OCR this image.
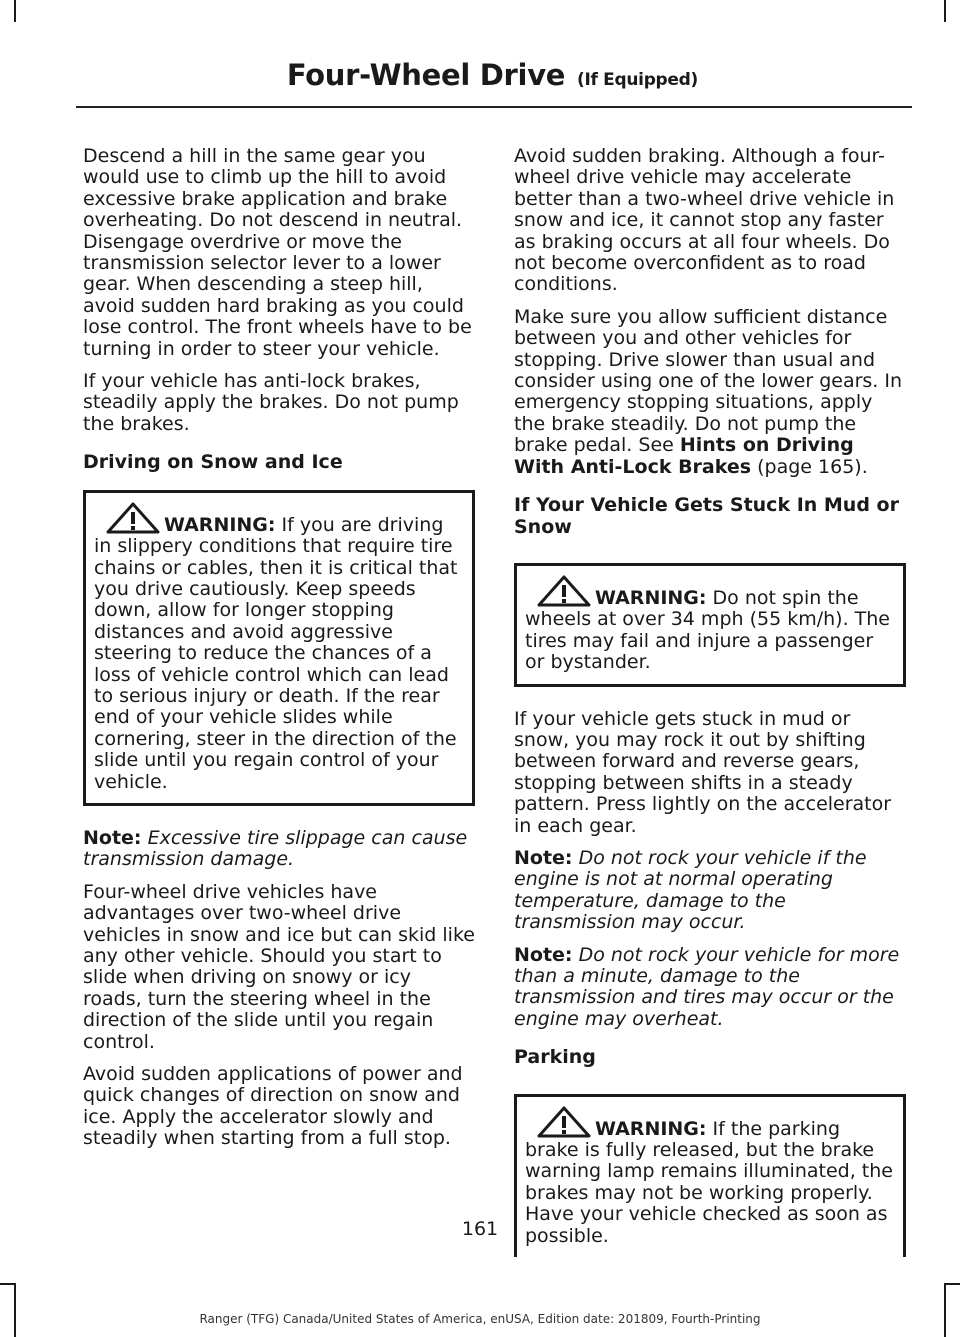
Four-Wheel Drive (If Equipped)

Descend a hill in the same gear you would use to climb up the hill to avoid excessive brake application and brake overheating. Do not descend in neutral. Disengage overdrive or move the transmission selector lever to a lower gear. When descending a steep hill, avoid sudden hard braking as you could lose control. The front wheels have to be turning in order to steer your vehicle.

If your vehicle has anti-lock brakes, steadily apply the brakes. Do not pump the brakes.

Driving on Snow and Ice
WARNING: If you are driving in slippery conditions that require tire chains or cables, then it is critical that you drive cautiously. Keep speeds down, allow for longer stopping distances and avoid aggressive steering to reduce the chances of a loss of vehicle control which can lead to serious injury or death. If the rear end of your vehicle slides while cornering, steer in the direction of the slide until you regain control of your vehicle.

Note: Excessive tire slippage can cause transmission damage.

Four-wheel drive vehicles have advantages over two-wheel drive vehicles in snow and ice but can skid like any other vehicle. Should you start to slide when driving on snowy or icy roads, turn the steering wheel in the direction of the slide until you regain control.

Avoid sudden applications of power and quick changes of direction on snow and ice. Apply the accelerator slowly and steadily when starting from a full stop.

Avoid sudden braking. Although a four-wheel drive vehicle may accelerate better than a two-wheel drive vehicle in snow and ice, it cannot stop any faster as braking occurs at all four wheels. Do not become overconfident as to road conditions.

Make sure you allow sufficient distance between you and other vehicles for stopping. Drive slower than usual and consider using one of the lower gears. In emergency stopping situations, apply the brake steadily. Do not pump the brake pedal. See Hints on Driving With Anti-Lock Brakes (page 165).

If Your Vehicle Gets Stuck In Mud or Snow
WARNING: Do not spin the wheels at over 34 mph (55 km/h). The tires may fail and injure a passenger or bystander.

If your vehicle gets stuck in mud or snow, you may rock it out by shifting between forward and reverse gears, stopping between shifts in a steady pattern. Press lightly on the accelerator in each gear.

Note: Do not rock your vehicle if the engine is not at normal operating temperature, damage to the transmission may occur.

Note: Do not rock your vehicle for more than a minute, damage to the transmission and tires may occur or the engine may overheat.

Parking
WARNING: If the parking brake is fully released, but the brake warning lamp remains illuminated, the brakes may not be working properly. Have your vehicle checked as soon as possible.
161
Ranger (TFG) Canada/United States of America, enUSA, Edition date: 201809, Fourth-Printing
